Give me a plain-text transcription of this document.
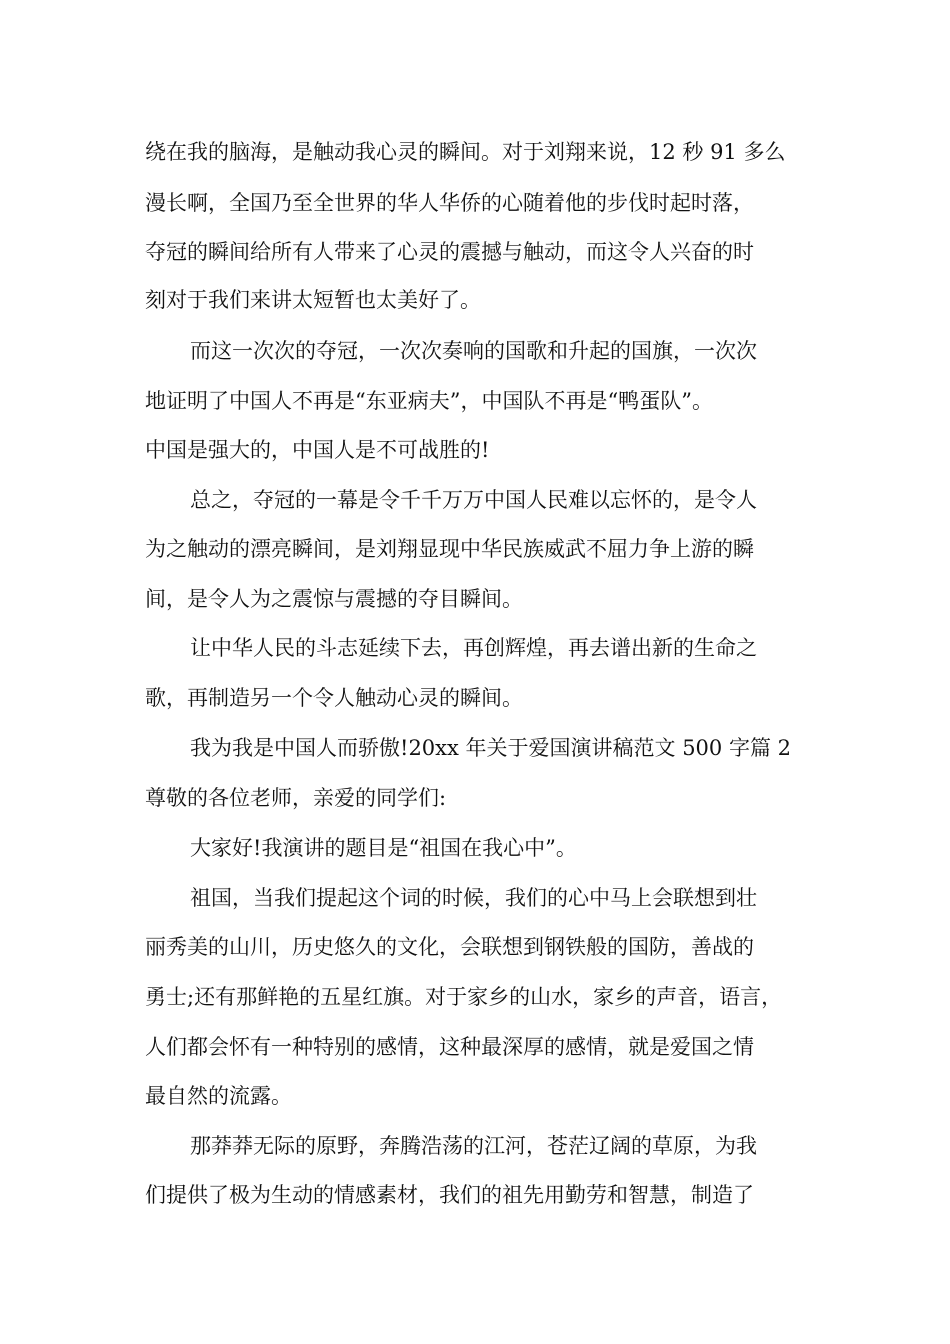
绕在我的脑海，是触动我心灵的瞬间。对于刘翔来说，12 秒 91 多么
漫长啊，全国乃至全世界的华人华侨的心随着他的步伐时起时落，
夺冠的瞬间给所有人带来了心灵的震撼与触动，而这令人兴奋的时
刻对于我们来讲太短暂也太美好了。
而这一次次的夺冠，一次次奏响的国歌和升起的国旗，一次次
地证明了中国人不再是“东亚病夫”，中国队不再是“鸭蛋队”。
中国是强大的，中国人是不可战胜的!
总之，夺冠的一幕是令千千万万中国人民难以忘怀的，是令人
为之触动的漂亮瞬间，是刘翔显现中华民族威武不屈力争上游的瞬
间，是令人为之震惊与震撼的夺目瞬间。
让中华人民的斗志延续下去，再创辉煌，再去谱出新的生命之
歌，再制造另一个令人触动心灵的瞬间。
我为我是中国人而骄傲!20xx 年关于爱国演讲稿范文 500 字篇 2
尊敬的各位老师，亲爱的同学们:
大家好!我演讲的题目是“祖国在我心中”。
祖国，当我们提起这个词的时候，我们的心中马上会联想到壮
丽秀美的山川，历史悠久的文化，会联想到钢铁般的国防，善战的
勇士;还有那鲜艳的五星红旗。对于家乡的山水，家乡的声音，语言，
人们都会怀有一种特别的感情，这种最深厚的感情，就是爱国之情
最自然的流露。
那莽莽无际的原野，奔腾浩荡的江河，苍茫辽阔的草原，为我
们提供了极为生动的情感素材，我们的祖先用勤劳和智慧，制造了
